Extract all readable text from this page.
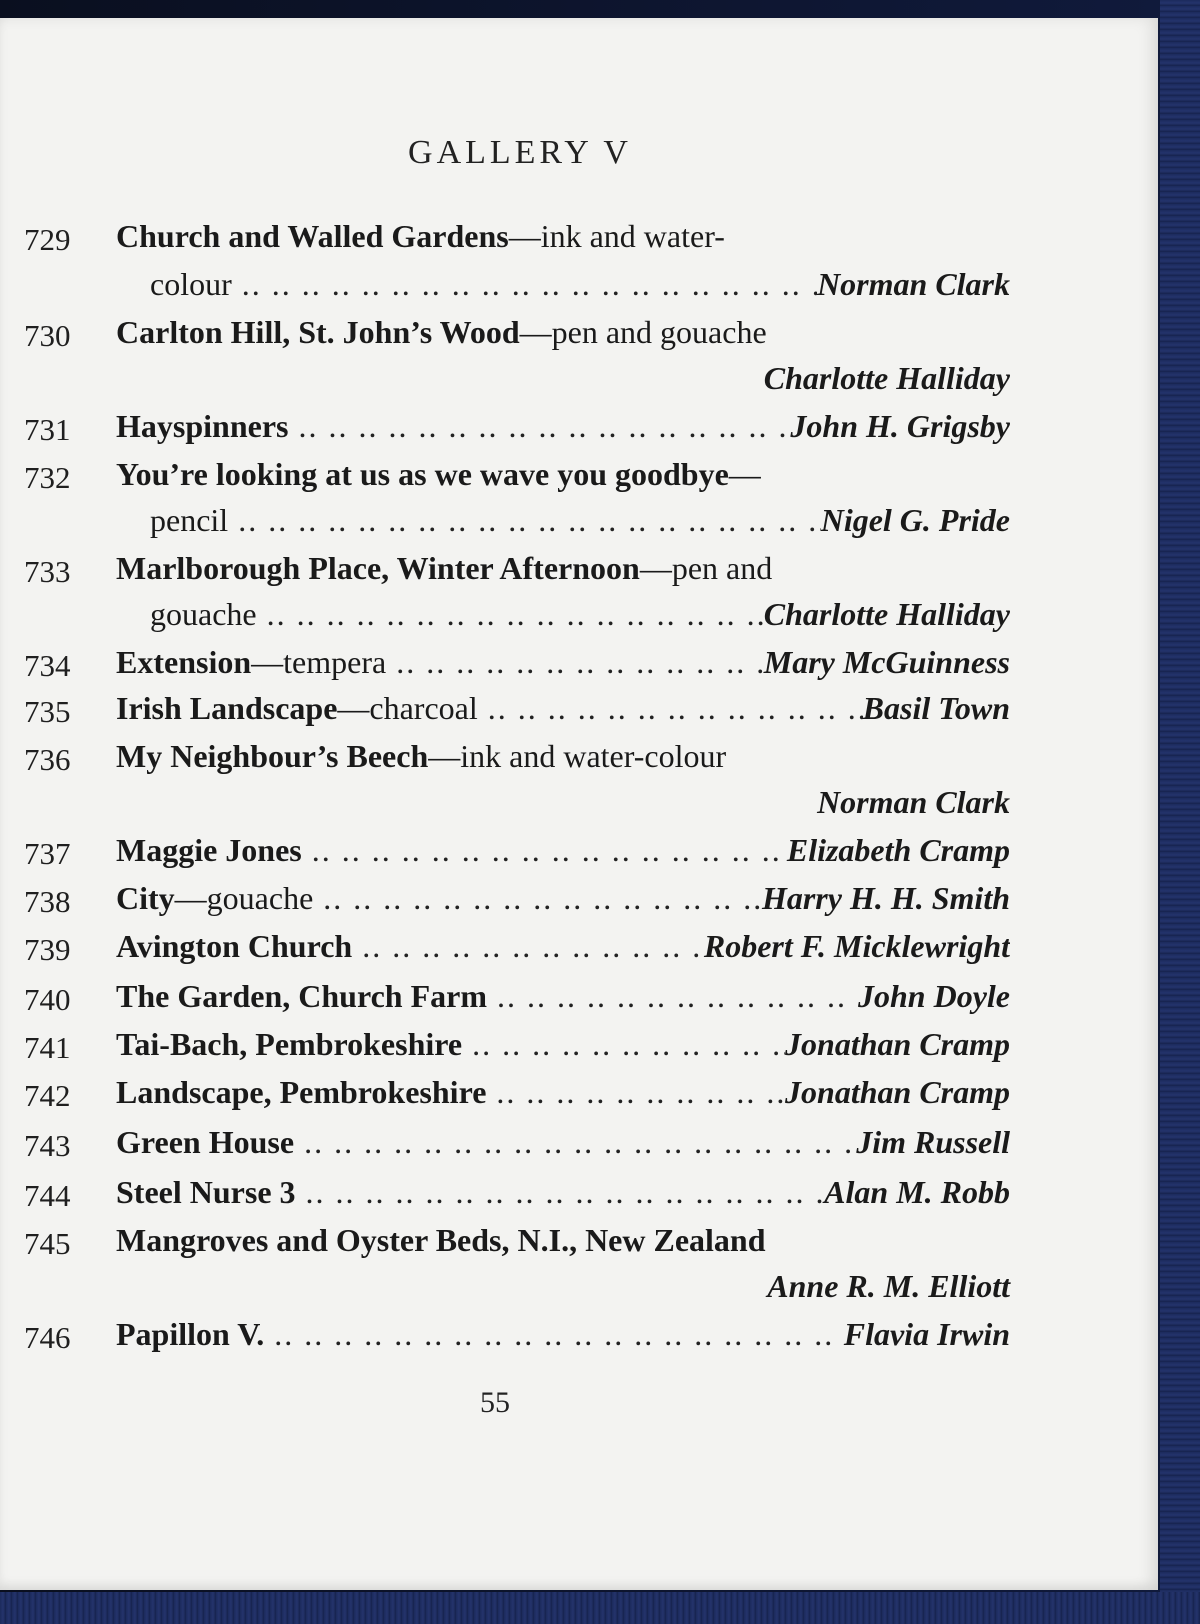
GALLERY V
729	Church and Walled Gardens —ink and water-
colour .. ..	Norman Clark
730	Carlton Hill, St. John’s Wood —pen and gouache
Charlotte Halliday
731	Hayspinners .. ..	John H. Grigsby
732	You’re looking at us as we wave you goodbye —
pencil .. ..	Nigel G. Pride
733	Marlborough Place, Winter Afternoon —pen and
gouache .. ..	Charlotte Halliday
734	Extension —tempera .. ..	Mary McGuinness
735	Irish Landscape —charcoal .. ..	Basil Town
736	My Neighbour’s Beech —ink and water-colour
Norman Clark
737	Maggie Jones .. ..	Elizabeth Cramp
738	City —gouache .. ..	Harry H. H. Smith
739	Avington Church .. ..	Robert F. Micklewright
740	The Garden, Church Farm .. ..	John Doyle
741	Tai-Bach, Pembrokeshire .. ..	Jonathan Cramp
742	Landscape, Pembrokeshire .. ..	Jonathan Cramp
743	Green House .. ..	Jim Russell
744	Steel Nurse 3 .. ..	Alan M. Robb
745	Mangroves and Oyster Beds, N.I., New Zealand
Anne R. M. Elliott
746	Papillon V. .. ..	Flavia Irwin
55
